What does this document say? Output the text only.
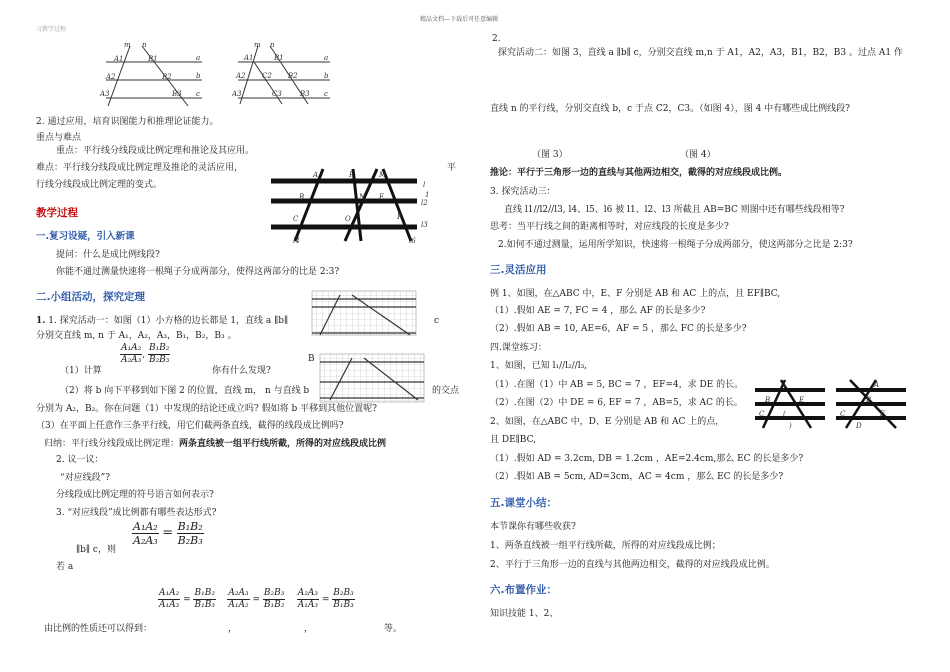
精品文档---下载后可任意编辑
习教学过程
m n
A1	B1	a
b
c
A2	B2
A3	B3
m n
A1	B1	a
b
c
A2 C2 B2
A3	C3	B3
2. 通过应用，培育识图能力和推理论证能力。
重点与难点
重点：平行线分线段成比例定理和推论及其应用。
难点：平行线分线段成比例定理及推论的灵活应用，	平
行线分线段成比例定理的变式。
A	F	M
l
1
B	N E
l2
C	O	F
l3
l4	l6
教学过程
一.复习设疑，引入新课
提问：什么是成比例线段?
你能不通过测量快速将一根绳子分成两部分，使得这两部分的比是 2:3?
二.小组活动，探究定理
B
1. 1. 探究活动一：如图（1）小方格的边长都是 1，直线 a ∥b∥	c
分别交直线 m, n 于 A₁，A₂，A₃，B₁，B₂，B₃ 。
$\frac{\text{A₁A₂}}{\text{A₂A₃}}$ , $\frac{\text{B₁B₂}}{\text{B₂B₃}}$
（1）计算	你有什么发现?
（2）将 b 向下平移到如下图 2 的位置，直线 m， n 与直线 b	的交点
分别为 A₂，B₂。你在问题（1）中发现的结论还成立吗? 假如将 b 平移到其他位置呢?
（3）在平面上任意作三条平行线，用它们截两条直线，截得的线段成比例吗?
归纳：平行线分线段成比例定理：两条直线被一组平行线所截，所得的对应线段成比例
2. 议一议：
“对应线段”?
分线段成比例定理的符号语言如何表示?
3. “对应线段”成比例都有哪些表达形式?
$\frac{\text{A₁A₂}}{\text{A₂A₃}} = \frac{\text{B₁B₂}}{\text{B₂B₃}}$
∥b∥ c，则
若 a
$\frac{\text{A₁A₂}}{\text{A₁A₃}} = \frac{\text{B₁B₂}}{\text{B₁B₃}}$
$\frac{\text{A₂A₃}}{\text{A₁A₂}} = \frac{\text{B₂B₃}}{\text{B₁B₂}}$
$\frac{\text{A₂A₃}}{\text{A₁A₃}} = \frac{\text{B₂B₃}}{\text{B₁B₃}}$
由比例的性质还可以得到：	，	，	等。
2.
探究活动二：如图 3，直线 a ∥b∥ c，分别交直线 m,n 于 A1，A2，A3，B1，B2，B3 。过点 A1 作
直线 n 的平行线，分别交直线 b，c 于点 C2，C3。（如图 4），图 4 中有哪些成比例线段?
（图 3）	（图 4）
推论：平行于三角形一边的直线与其他两边相交，截得的对应线段成比例。
3. 探究活动三：
直线 l1//l2//l3, l4、l5、l6 被 l1、l2、l3 所截且 AB=BC 则图中还有哪些线段相等?
思考：当平行线之间的距离相等时，对应线段的长度是多少?
2.如何不通过测量，运用所学知识，快速将一根绳子分成两部分，使这两部分之比是 2:3?
三.灵活应用
例 1、如图，在△ABC 中，E、F 分别是 AB 和 AC 上的点，且 EF∥BC,
（1）.假如 AE = 7, FC = 4 ，那么 AF 的长是多少?
（2）.假如 AB = 10, AE=6，AF = 5 ，那么 FC 的长是多少?
四.课堂练习：
1、如图，已知 l₁//l₂//l₃,
（1）.在图（1）中 AB = 5, BC = 7 ，EF=4，求 DE 的长。
（2）.在图（2）中 DE = 6, EF = 7 ，AB=5，求 AC 的长。
2、如图，在△ABC 中，D、E 分别是 AB 和 AC 上的点，
且 DE∥BC,
（1）.假如 AD = 3.2cm, DB = 1.2cm ，AE=2.4cm,那么 EC 的长是多少?
（2）.假如 AB = 5cm, AD=3cm，AC = 4cm ，那么 EC 的长是多少?
A
B	E
C	(
)
A
B
C
D
F
五.课堂小结：
本节课你有哪些收获?
1、两条直线被一组平行线所截，所得的对应线段成比例；
2、平行于三角形一边的直线与其他两边相交，截得的对应线段成比例。
六.布置作业：
知识技能 1、2、
